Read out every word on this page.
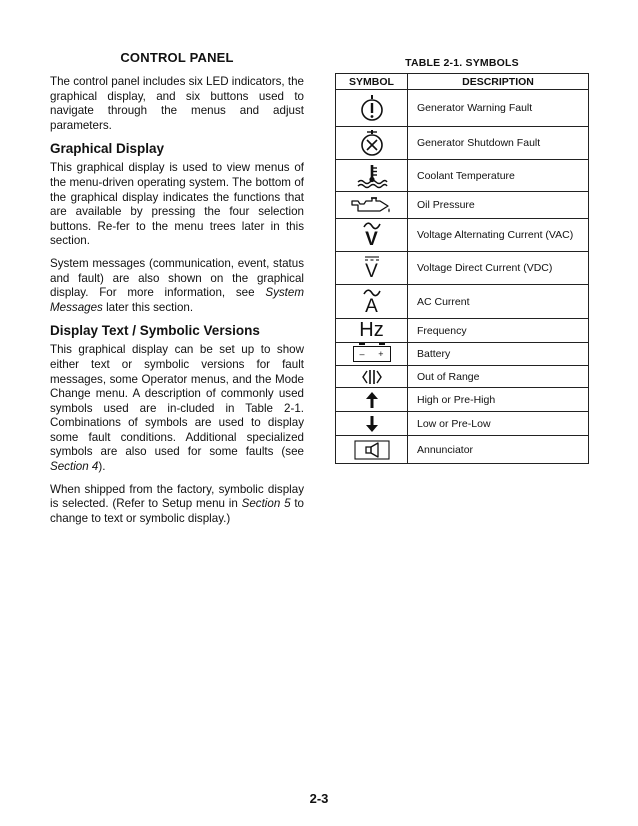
CONTROL PANEL

The control panel includes six LED indicators, the graphical display, and six buttons used to navigate through the menus and adjust parameters.

Graphical Display

This graphical display is used to view menus of the menu-driven operating system. The bottom of the graphical display indicates the functions that are available by pressing the four selection buttons. Re-fer to the menu trees later in this section.

System messages (communication, event, status and fault) are also shown on the graphical display. For more information, see System Messages later this section.

Display Text / Symbolic Versions

This graphical display can be set up to show either text or symbolic versions for fault messages, some Operator menus, and the Mode Change menu. A description of commonly used symbols used are in-cluded in Table 2-1. Combinations of symbols are used to display some fault conditions. Additional specialized symbols are also used for some faults (see Section 4).

When shipped from the factory, symbolic display is selected. (Refer to Setup menu in Section 5 to change to text or symbolic display.)

TABLE 2-1. SYMBOLS
SYMBOL	DESCRIPTION

	Generator Warning Fault

	Generator Shutdown Fault

	Coolant Temperature

	Oil Pressure

V	Voltage Alternating Current (VAC)

V	Voltage Direct Current (VDC)

A	AC Current

Hz	Frequency

– +	Battery

	Out of Range

	High or Pre-High

	Low or Pre-Low

	Annunciator
2-3
